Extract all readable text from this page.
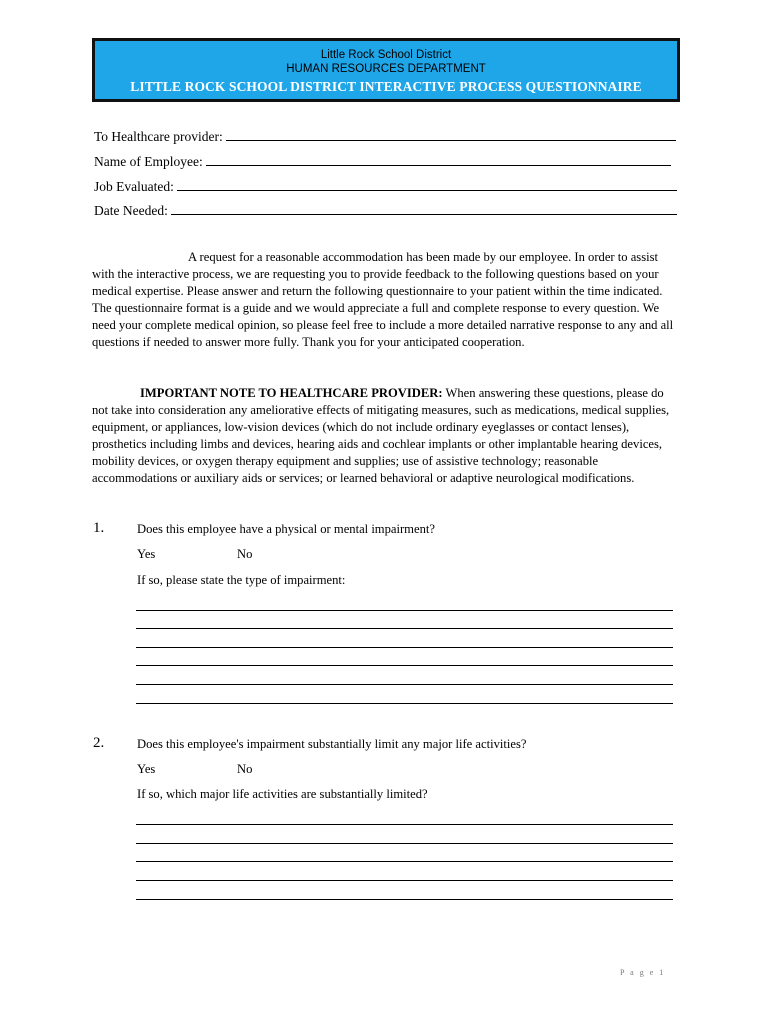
Little Rock School District
HUMAN RESOURCES DEPARTMENT
LITTLE ROCK SCHOOL DISTRICT INTERACTIVE PROCESS QUESTIONNAIRE
To Healthcare provider:
Name of Employee:
Job Evaluated:
Date Needed:

A request for a reasonable accommodation has been made by our employee. In order to assist with the interactive process, we are requesting you to provide feedback to the following questions based on your medical expertise. Please answer and return the following questionnaire to your patient within the time indicated. The questionnaire format is a guide and we would appreciate a full and complete response to every question. We need your complete medical opinion, so please feel free to include a more detailed narrative response to any and all questions if needed to answer more fully. Thank you for your anticipated cooperation.

IMPORTANT NOTE TO HEALTHCARE PROVIDER: When answering these questions, please do not take into consideration any ameliorative effects of mitigating measures, such as medications, medical supplies, equipment, or appliances, low-vision devices (which do not include ordinary eyeglasses or contact lenses), prosthetics including limbs and devices, hearing aids and cochlear implants or other implantable hearing devices, mobility devices, or oxygen therapy equipment and supplies; use of assistive technology; reasonable accommodations or auxiliary aids or services; or learned behavioral or adaptive neurological modifications.

1.	Does this employee have a physical or mental impairment?
Yes	No
If so, please state the type of impairment:
2.	Does this employee's impairment substantially limit any major life activities?
Yes	No
If so, which major life activities are substantially limited?
P a g e 1
